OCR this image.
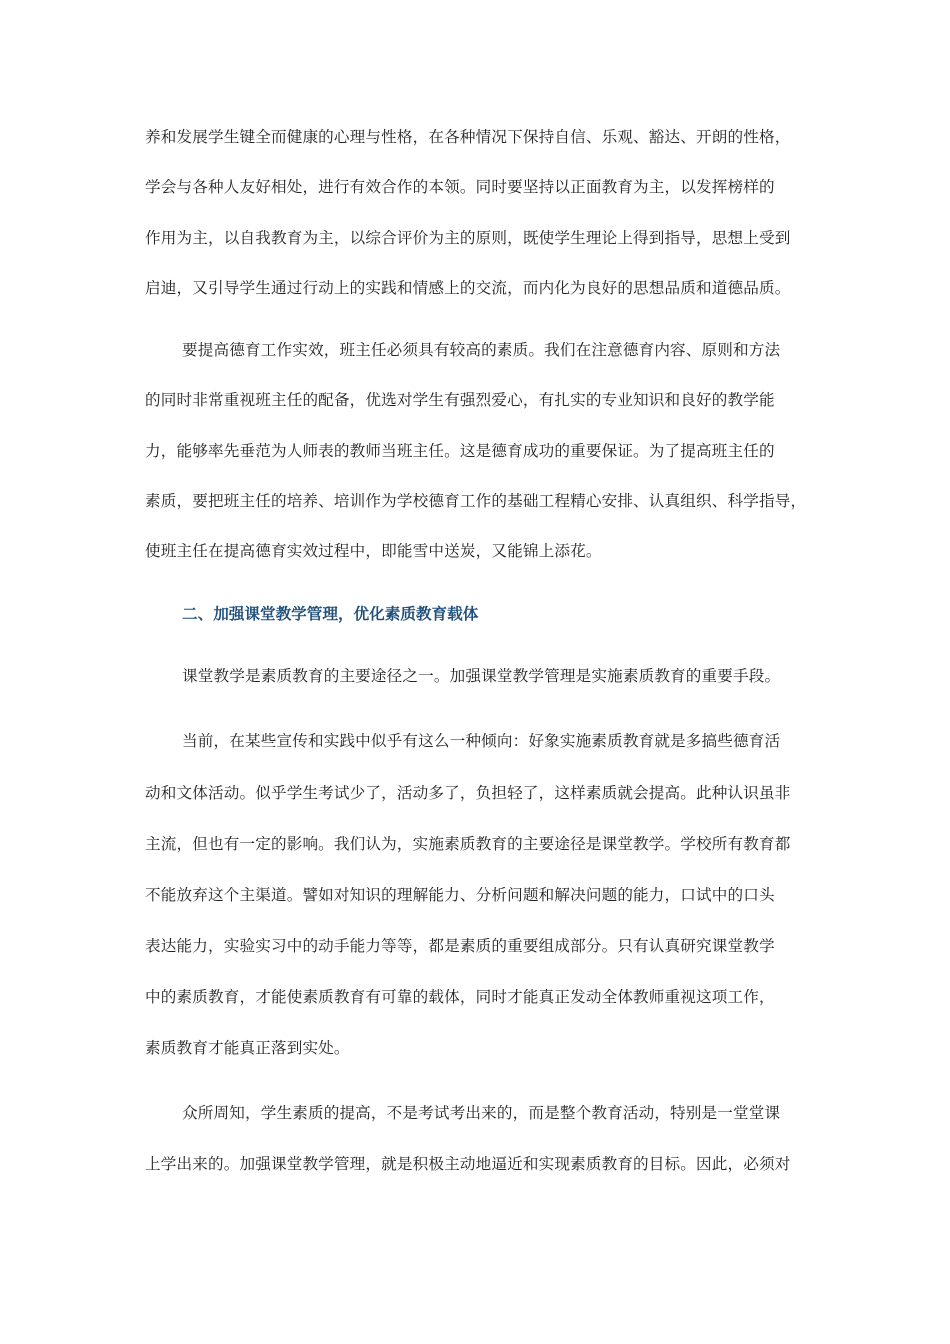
养和发展学生键全而健康的心理与性格，在各种情况下保持自信、乐观、豁达、开朗的性格，
学会与各种人友好相处，进行有效合作的本领。同时要坚持以正面教育为主，以发挥榜样的
作用为主，以自我教育为主，以综合评价为主的原则，既使学生理论上得到指导，思想上受到
启迪，又引导学生通过行动上的实践和情感上的交流，而内化为良好的思想品质和道德品质。
要提高德育工作实效，班主任必须具有较高的素质。我们在注意德育内容、原则和方法
的同时非常重视班主任的配备，优选对学生有强烈爱心，有扎实的专业知识和良好的教学能
力，能够率先垂范为人师表的教师当班主任。这是德育成功的重要保证。为了提高班主任的
素质，要把班主任的培养、培训作为学校德育工作的基础工程精心安排、认真组织、科学指导，
使班主任在提高德育实效过程中，即能雪中送炭，又能锦上添花。
二、加强课堂教学管理，优化素质教育载体
课堂教学是素质教育的主要途径之一。加强课堂教学管理是实施素质教育的重要手段。
当前，在某些宣传和实践中似乎有这么一种倾向：好象实施素质教育就是多搞些德育活
动和文体活动。似乎学生考试少了，活动多了，负担轻了，这样素质就会提高。此种认识虽非
主流，但也有一定的影响。我们认为，实施素质教育的主要途径是课堂教学。学校所有教育都
不能放弃这个主渠道。譬如对知识的理解能力、分析问题和解决问题的能力，口试中的口头
表达能力，实验实习中的动手能力等等，都是素质的重要组成部分。只有认真研究课堂教学
中的素质教育，才能使素质教育有可靠的载体，同时才能真正发动全体教师重视这项工作，
素质教育才能真正落到实处。
众所周知，学生素质的提高，不是考试考出来的，而是整个教育活动，特别是一堂堂课
上学出来的。加强课堂教学管理，就是积极主动地逼近和实现素质教育的目标。因此，必须对
